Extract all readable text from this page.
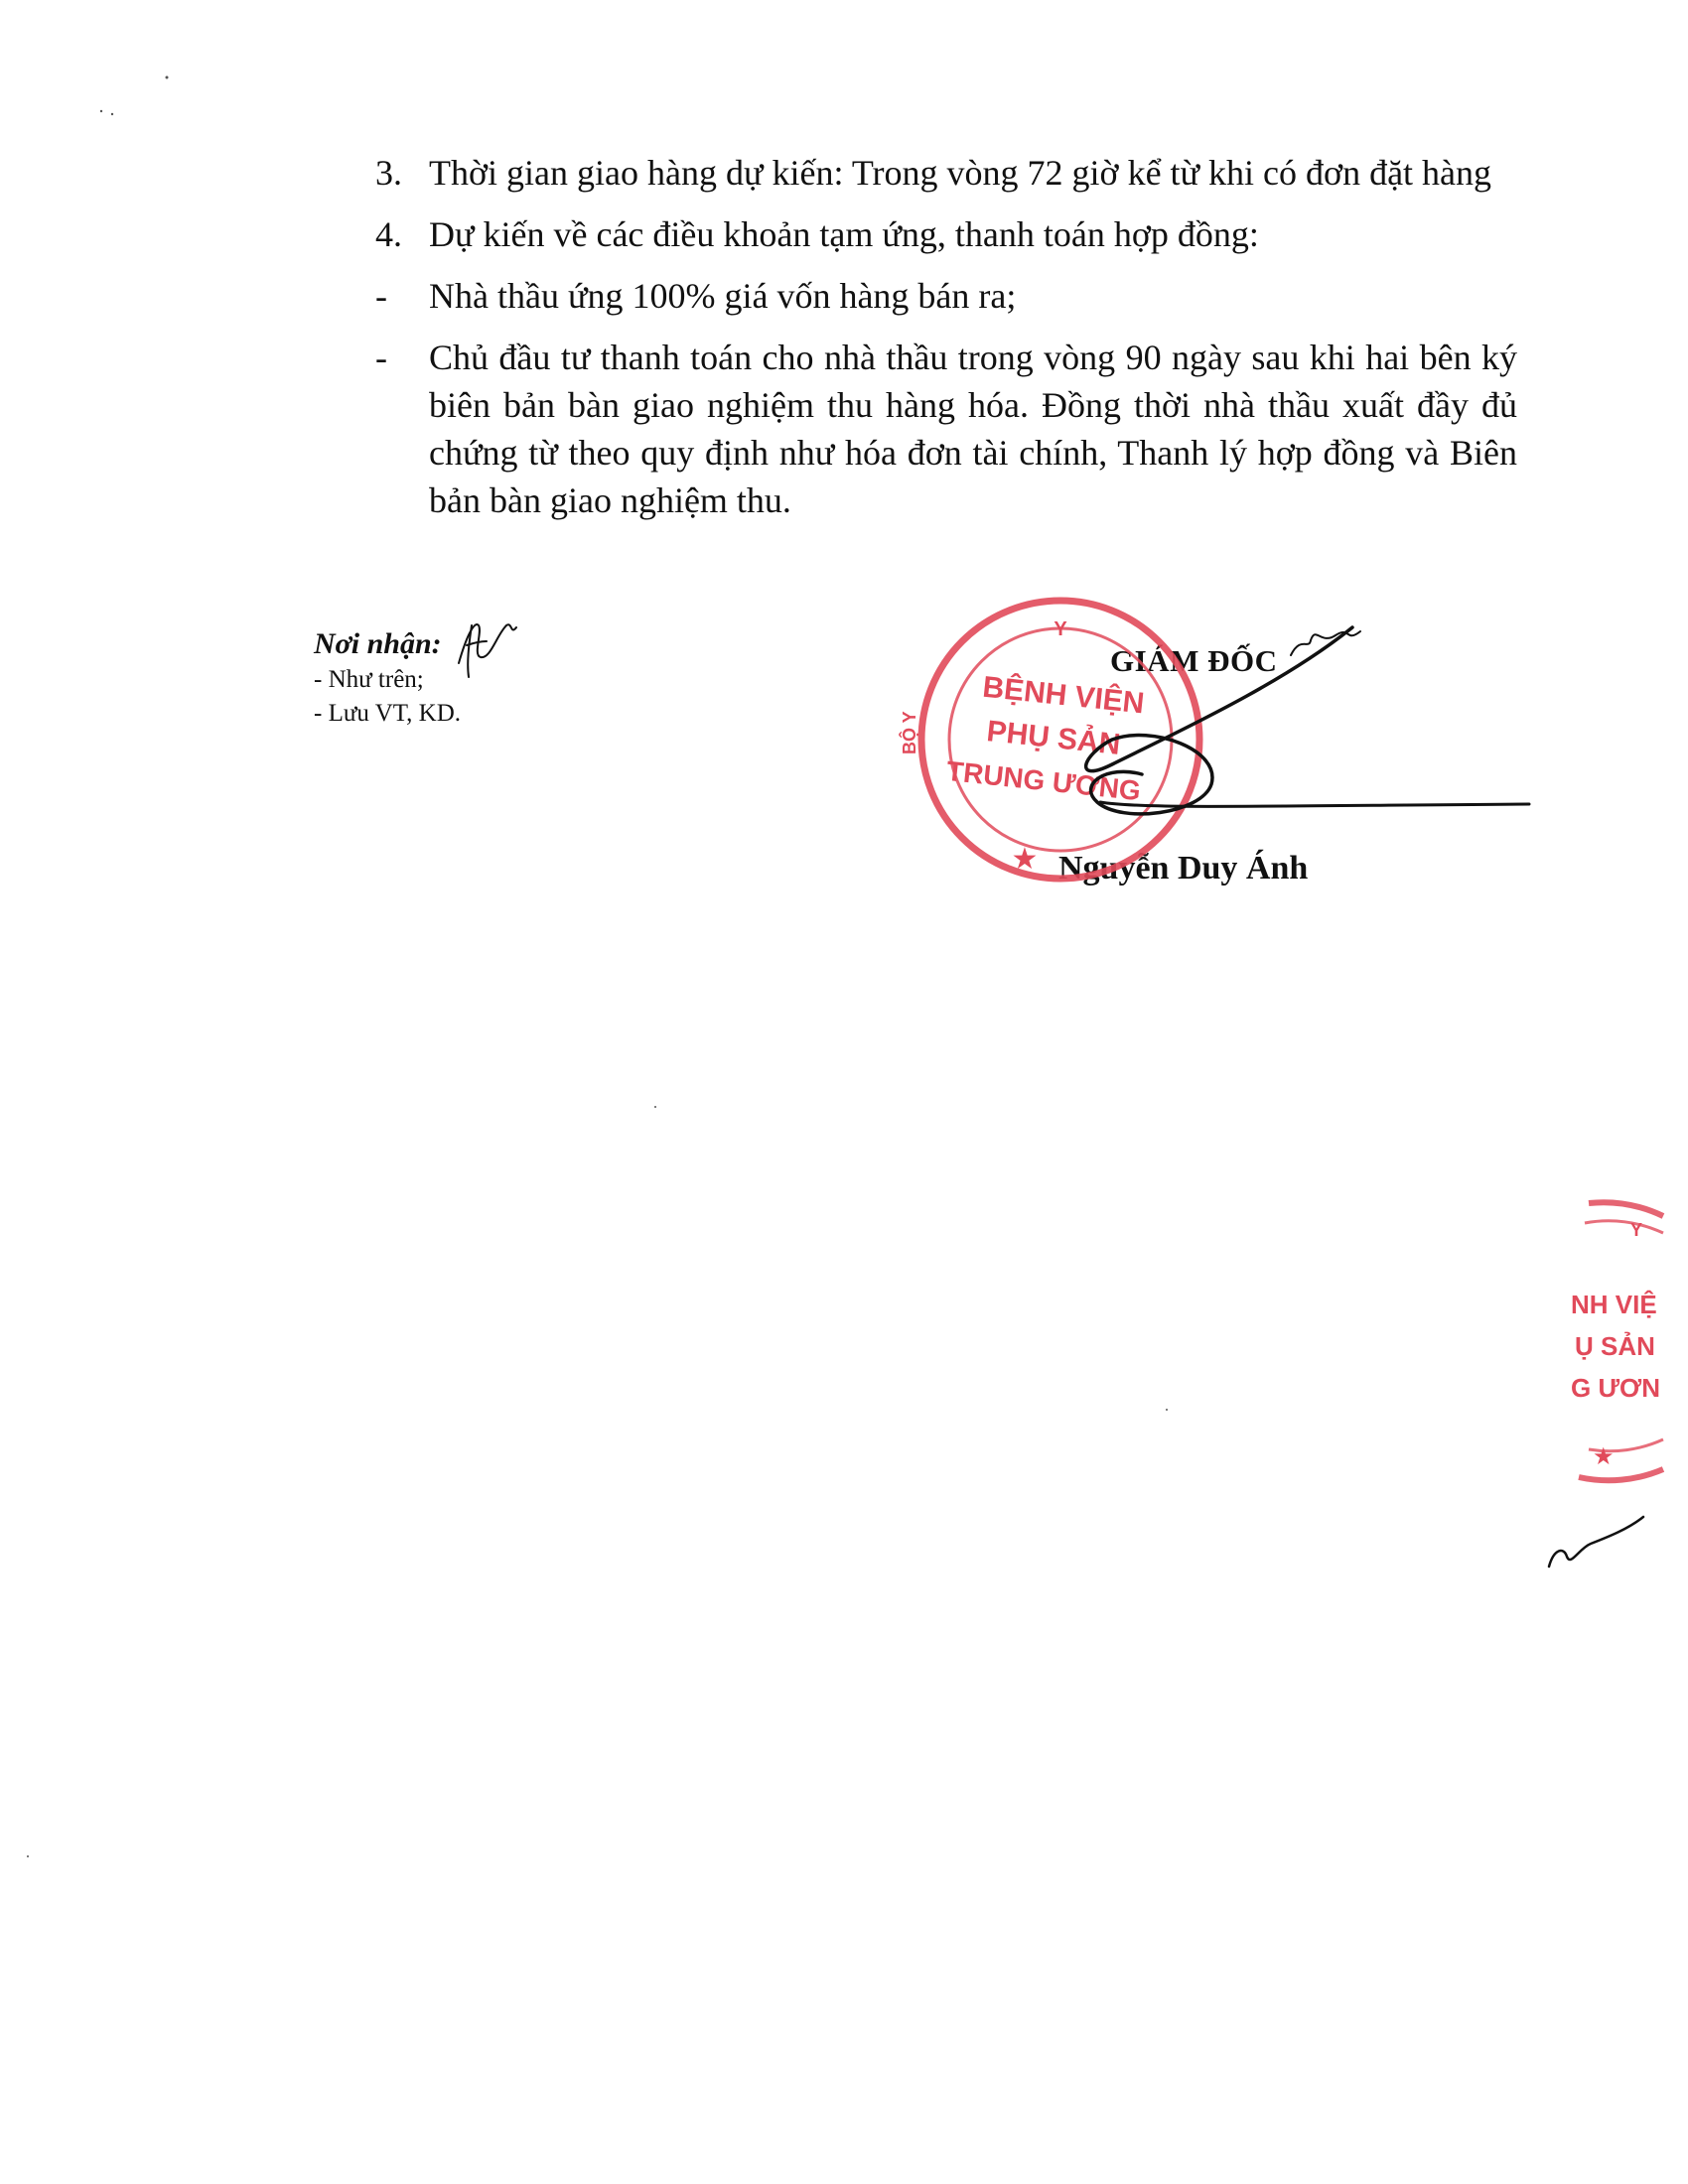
3. Thời gian giao hàng dự kiến: Trong vòng 72 giờ kể từ khi có đơn đặt hàng
4. Dự kiến về các điều khoản tạm ứng, thanh toán hợp đồng:
-	Nhà thầu ứng 100% giá vốn hàng bán ra;
-	Chủ đầu tư thanh toán cho nhà thầu trong vòng 90 ngày sau khi hai bên ký biên bản bàn giao nghiệm thu hàng hóa. Đồng thời nhà thầu xuất đầy đủ chứng từ theo quy định như hóa đơn tài chính, Thanh lý hợp đồng và Biên bản bàn giao nghiệm thu.
Nơi nhận:
- Như trên;
- Lưu VT, KD.
GIÁM ĐỐC
Nguyễn Duy Ánh
Y
★
BỘ Y
BỆNH VIỆN
PHỤ SẢN
TRUNG ƯƠNG
Y
★
NH VIỆ
Ụ SẢN
G ƯƠN
